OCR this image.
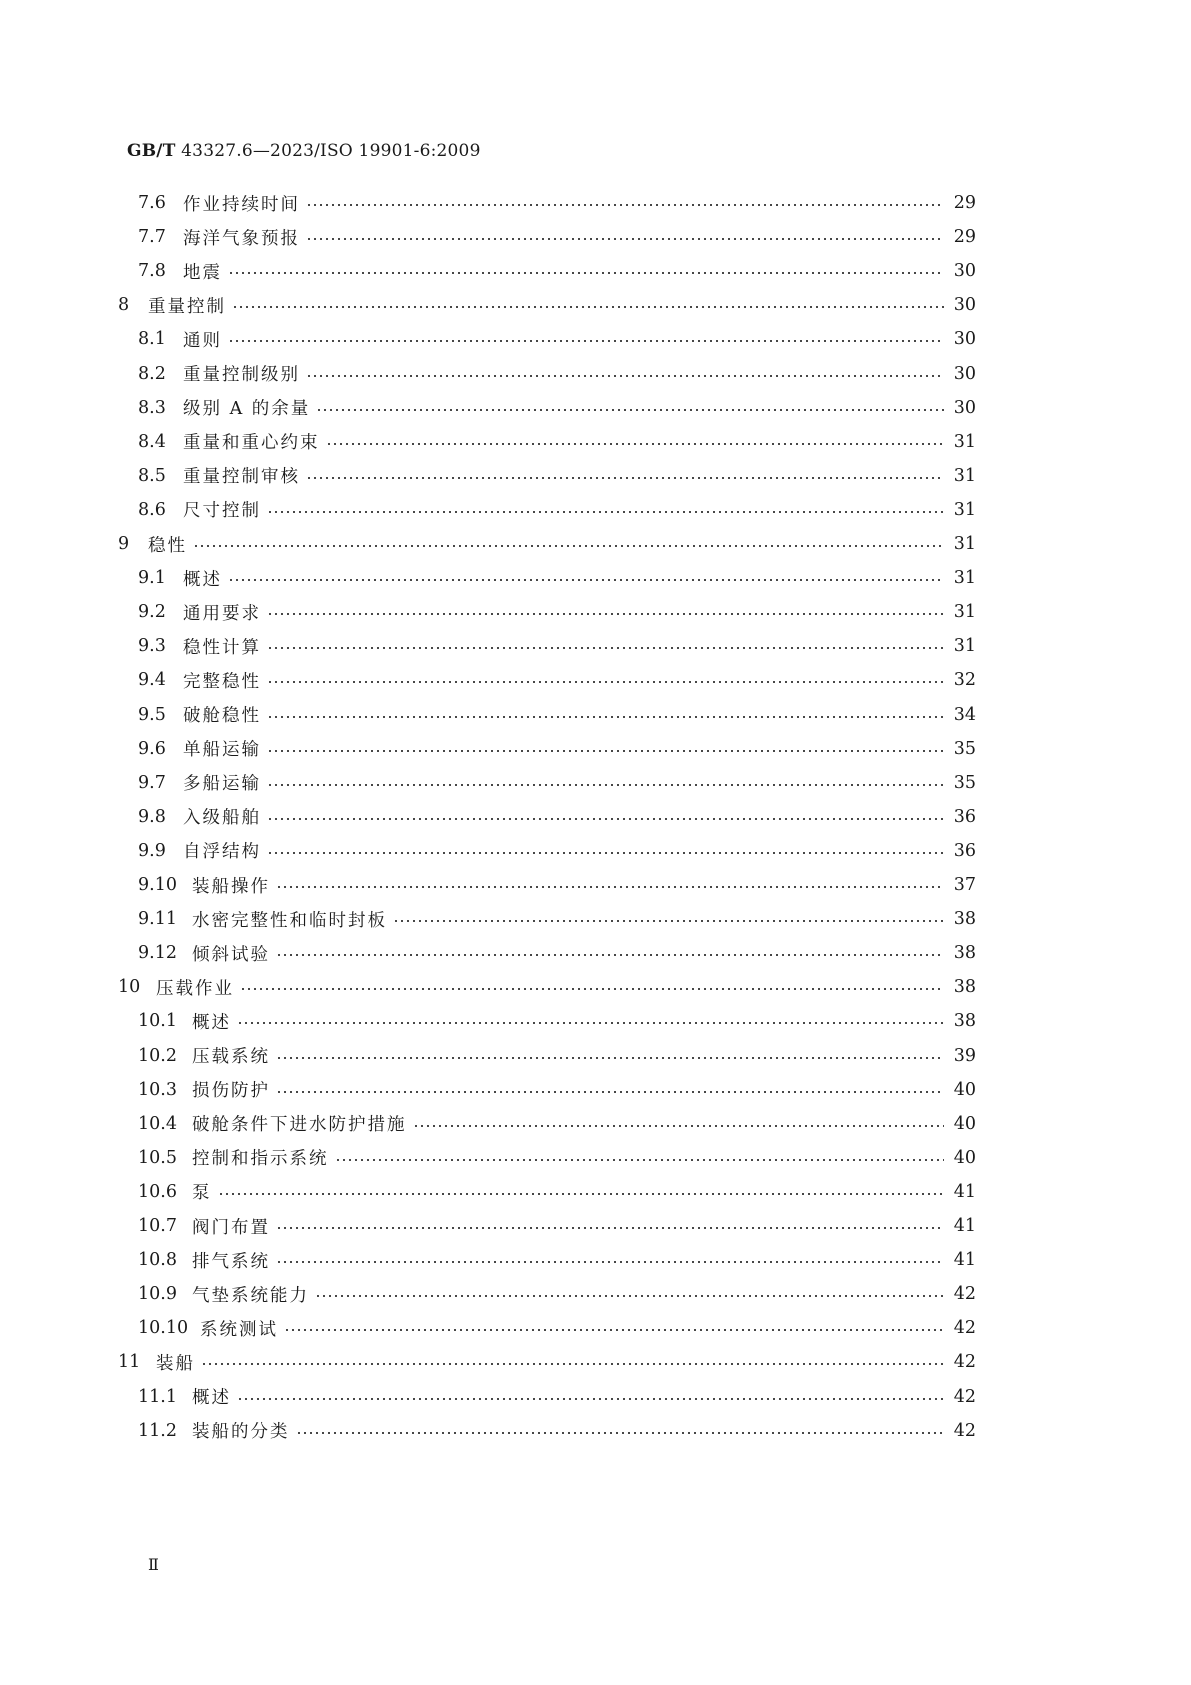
GB/T 43327.6—2023/ISO 19901-6:2009
7.6 作业持续时间	29
7.7 海洋气象预报	29
7.8 地震	30
8	重量控制	30
8.1 通则	30
8.2 重量控制级别	30
8.3 级别 A 的余量	30
8.4 重量和重心约束	31
8.5 重量控制审核	31
8.6 尺寸控制	31
9	稳性	31
9.1 概述	31
9.2 通用要求	31
9.3 稳性计算	31
9.4 完整稳性	32
9.5 破舱稳性	34
9.6 单船运输	35
9.7 多船运输	35
9.8 入级船舶	36
9.9 自浮结构	36
9.10 装船操作	37
9.11 水密完整性和临时封板	38
9.12 倾斜试验	38
10 压载作业	38
10.1 概述	38
10.2 压载系统	39
10.3 损伤防护	40
10.4 破舱条件下进水防护措施	40
10.5 控制和指示系统	40
10.6 泵	41
10.7 阀门布置	41
10.8 排气系统	41
10.9 气垫系统能力	42
10.10 系统测试	42
11 装船	42
11.1 概述	42
11.2 装船的分类	42
Ⅱ
